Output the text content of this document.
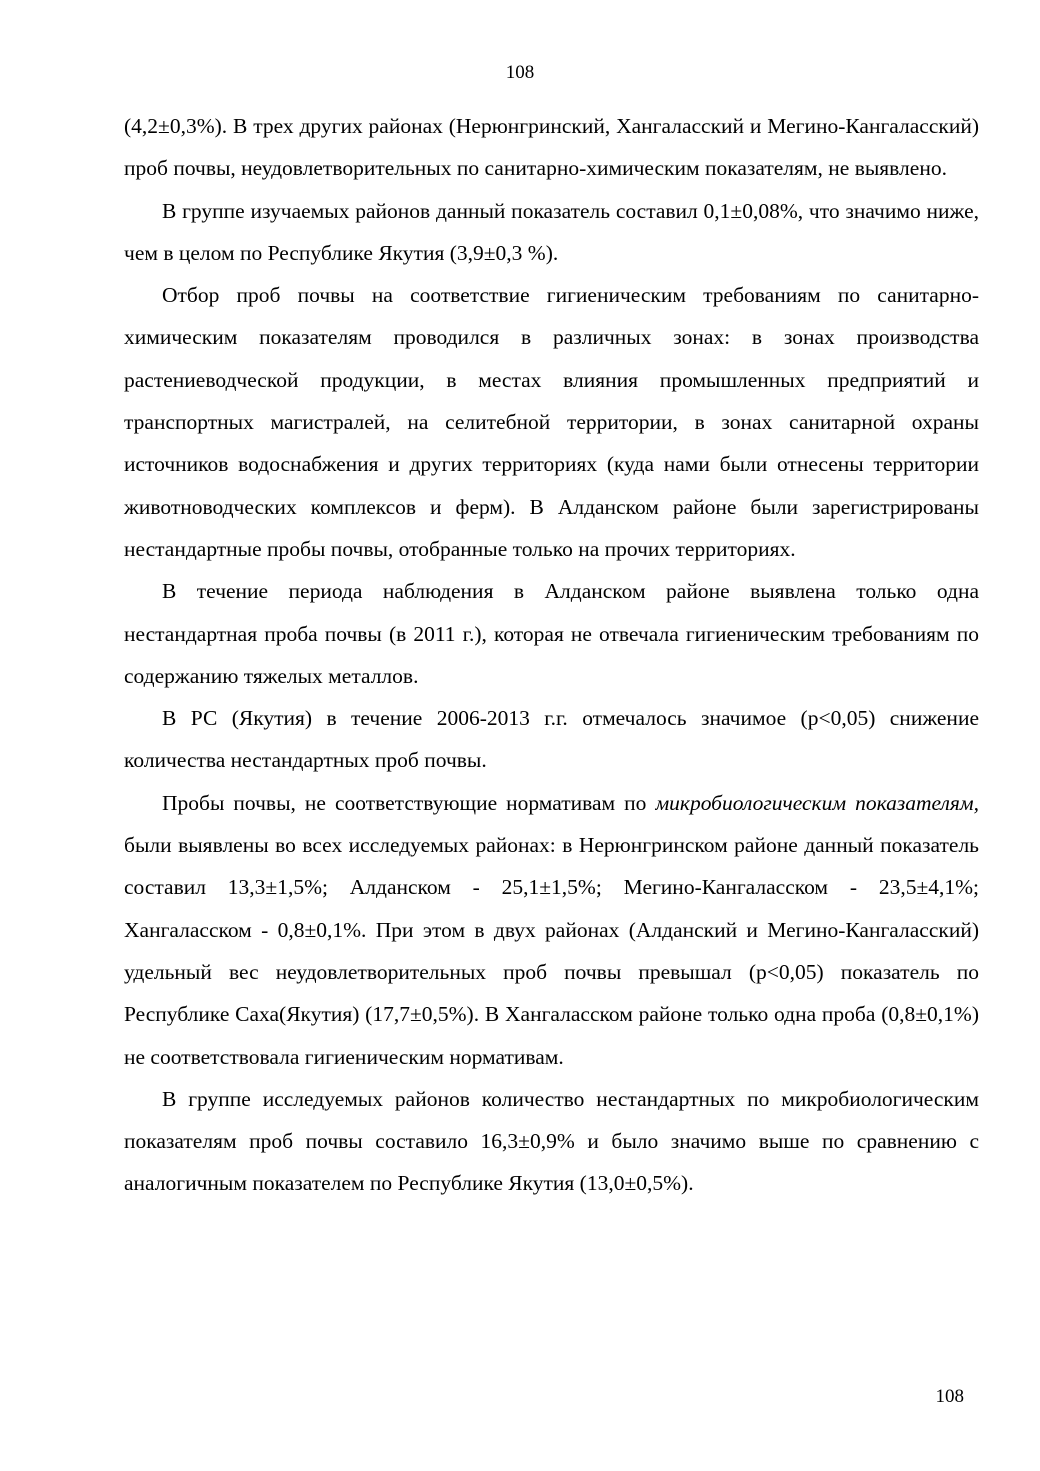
108

(4,2±0,3%). В трех других районах (Нерюнгринский, Хангаласский и Мегино-Кангаласский) проб почвы, неудовлетворительных по санитарно-химическим показателям, не выявлено.

В группе изучаемых районов данный показатель составил 0,1±0,08%, что значимо ниже, чем в целом по Республике Якутия (3,9±0,3 %).

Отбор проб почвы на соответствие гигиеническим требованиям по санитарно-химическим показателям проводился в различных зонах: в зонах производства растениеводческой продукции, в местах влияния промышленных предприятий и транспортных магистралей, на селитебной территории, в зонах санитарной охраны источников водоснабжения и других территориях (куда нами были отнесены территории животноводческих комплексов и ферм). В Алданском районе были зарегистрированы нестандартные пробы почвы, отобранные только на прочих территориях.

В течение периода наблюдения в Алданском районе выявлена только одна нестандартная проба почвы (в 2011 г.), которая не отвечала гигиеническим требованиям по содержанию тяжелых металлов.

В РС (Якутия) в течение 2006-2013 г.г. отмечалось значимое (p<0,05) снижение количества нестандартных проб почвы.

Пробы почвы, не соответствующие нормативам по микробиологическим показателям, были выявлены во всех исследуемых районах: в Нерюнгринском районе данный показатель составил 13,3±1,5%; Алданском - 25,1±1,5%; Мегино-Кангаласском - 23,5±4,1%; Хангаласском - 0,8±0,1%. При этом в двух районах (Алданский и Мегино-Кангаласский) удельный вес неудовлетворительных проб почвы превышал (p<0,05) показатель по Республике Саха(Якутия) (17,7±0,5%). В Хангаласском районе только одна проба (0,8±0,1%) не соответствовала гигиеническим нормативам.

В группе исследуемых районов количество нестандартных по микробиологическим показателям проб почвы составило 16,3±0,9% и было значимо выше по сравнению с аналогичным показателем по Республике Якутия (13,0±0,5%).

108
